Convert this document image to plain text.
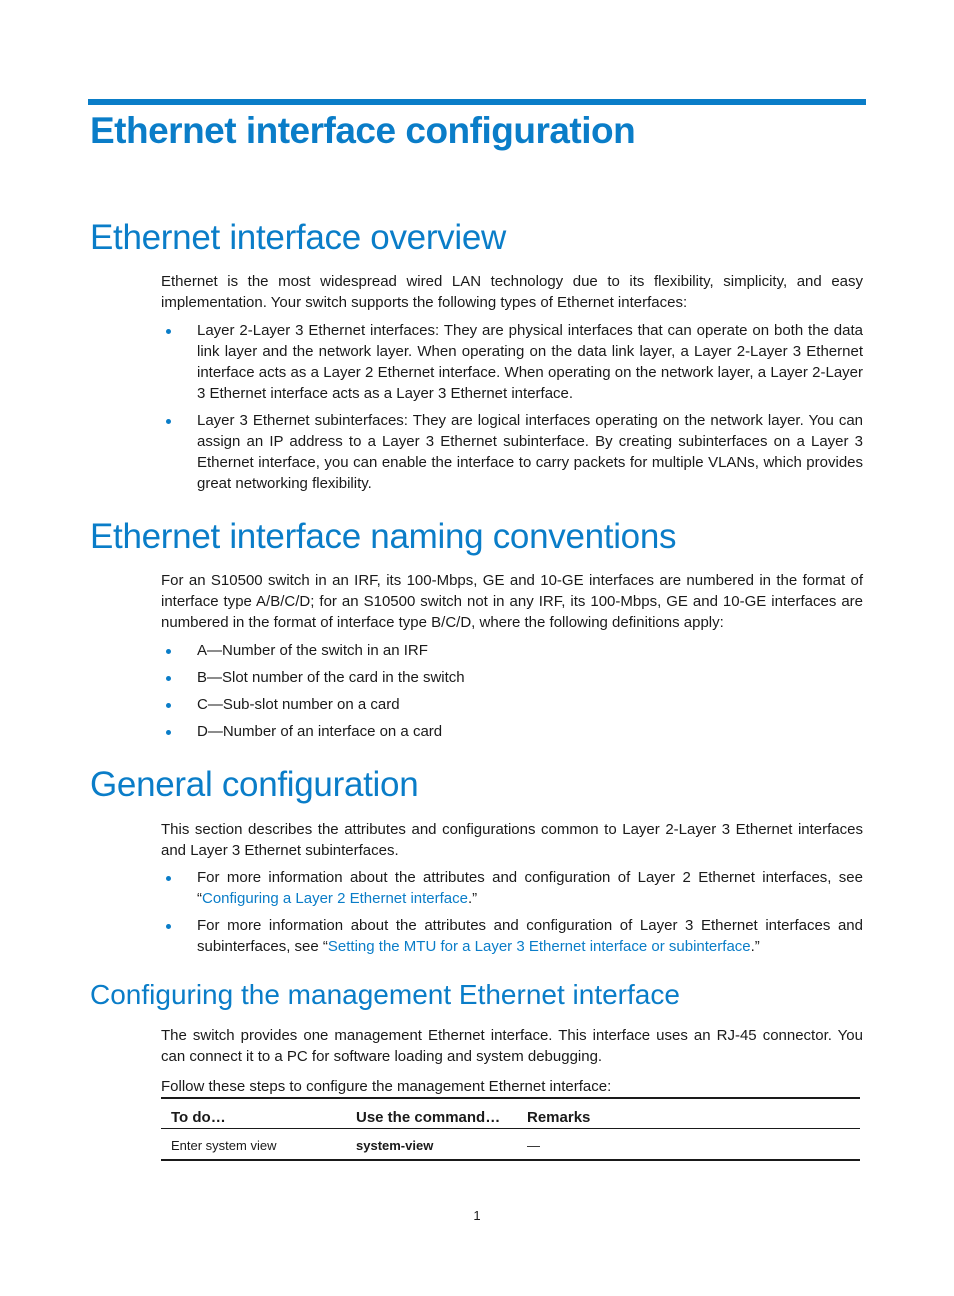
Ethernet interface configuration
Ethernet interface overview

Ethernet is the most widespread wired LAN technology due to its flexibility, simplicity, and easy implementation. Your switch supports the following types of Ethernet interfaces:

Layer 2-Layer 3 Ethernet interfaces: They are physical interfaces that can operate on both the data link layer and the network layer. When operating on the data link layer, a Layer 2-Layer 3 Ethernet interface acts as a Layer 2 Ethernet interface. When operating on the network layer, a Layer 2-Layer 3 Ethernet interface acts as a Layer 3 Ethernet interface.
Layer 3 Ethernet subinterfaces: They are logical interfaces operating on the network layer. You can assign an IP address to a Layer 3 Ethernet subinterface. By creating subinterfaces on a Layer 3 Ethernet interface, you can enable the interface to carry packets for multiple VLANs, which provides great networking flexibility.
Ethernet interface naming conventions

For an S10500 switch in an IRF, its 100-Mbps, GE and 10-GE interfaces are numbered in the format of interface type A/B/C/D; for an S10500 switch not in any IRF, its 100-Mbps, GE and 10-GE interfaces are numbered in the format of interface type B/C/D, where the following definitions apply:

A—Number of the switch in an IRF
B—Slot number of the card in the switch
C—Sub-slot number on a card
D—Number of an interface on a card
General configuration

This section describes the attributes and configurations common to Layer 2-Layer 3 Ethernet interfaces and Layer 3 Ethernet subinterfaces.

For more information about the attributes and configuration of Layer 2 Ethernet interfaces, see “Configuring a Layer 2 Ethernet interface.”
For more information about the attributes and configuration of Layer 3 Ethernet interfaces and subinterfaces, see “Setting the MTU for a Layer 3 Ethernet interface or subinterface.”
Configuring the management Ethernet interface

The switch provides one management Ethernet interface. This interface uses an RJ-45 connector. You can connect it to a PC for software loading and system debugging.

Follow these steps to configure the management Ethernet interface:

To do…	Use the command…	Remarks
Enter system view	system-view	—
1
